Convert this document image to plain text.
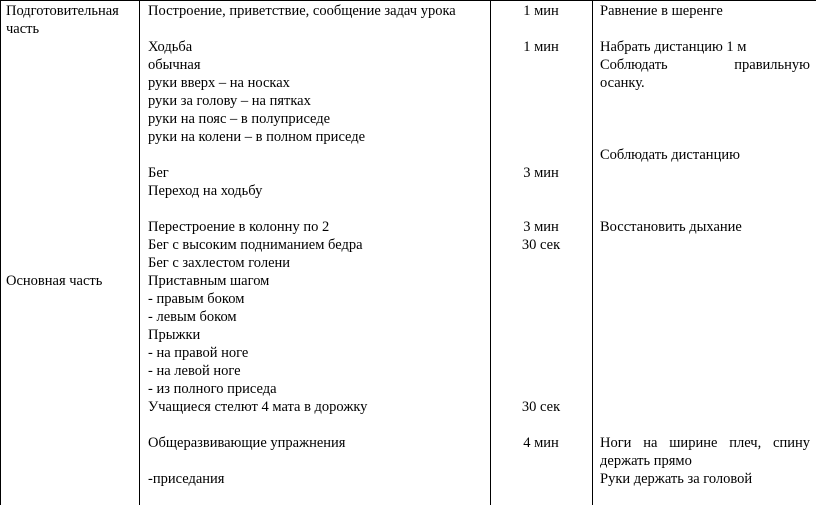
Подготовительная
часть
Основная часть
Построение, приветствие, сообщение задач урока
Ходьба
обычная
руки вверх – на носках
руки за голову – на пятках
руки на пояс – в полуприседе
руки на колени – в полном приседе
Бег
Переход на ходьбу
Перестроение в колонну по 2
Бег с высоким подниманием бедра
Бег с захлестом голени
Приставным шагом
- правым боком
- левым боком
Прыжки
- на правой ноге
- на левой ноге
- из полного приседа
Учащиеся стелют 4 мата в дорожку
Общеразвивающие упражнения
-приседания
1 мин
1 мин
3 мин
3 мин
30 сек
30 сек
4 мин
Равнение в шеренге
Набрать дистанцию 1 м
Соблюдать	правильную
осанку.
Соблюдать дистанцию
Восстановить дыхание
Ноги на ширине плеч, спину
держать прямо
Руки держать за головой
